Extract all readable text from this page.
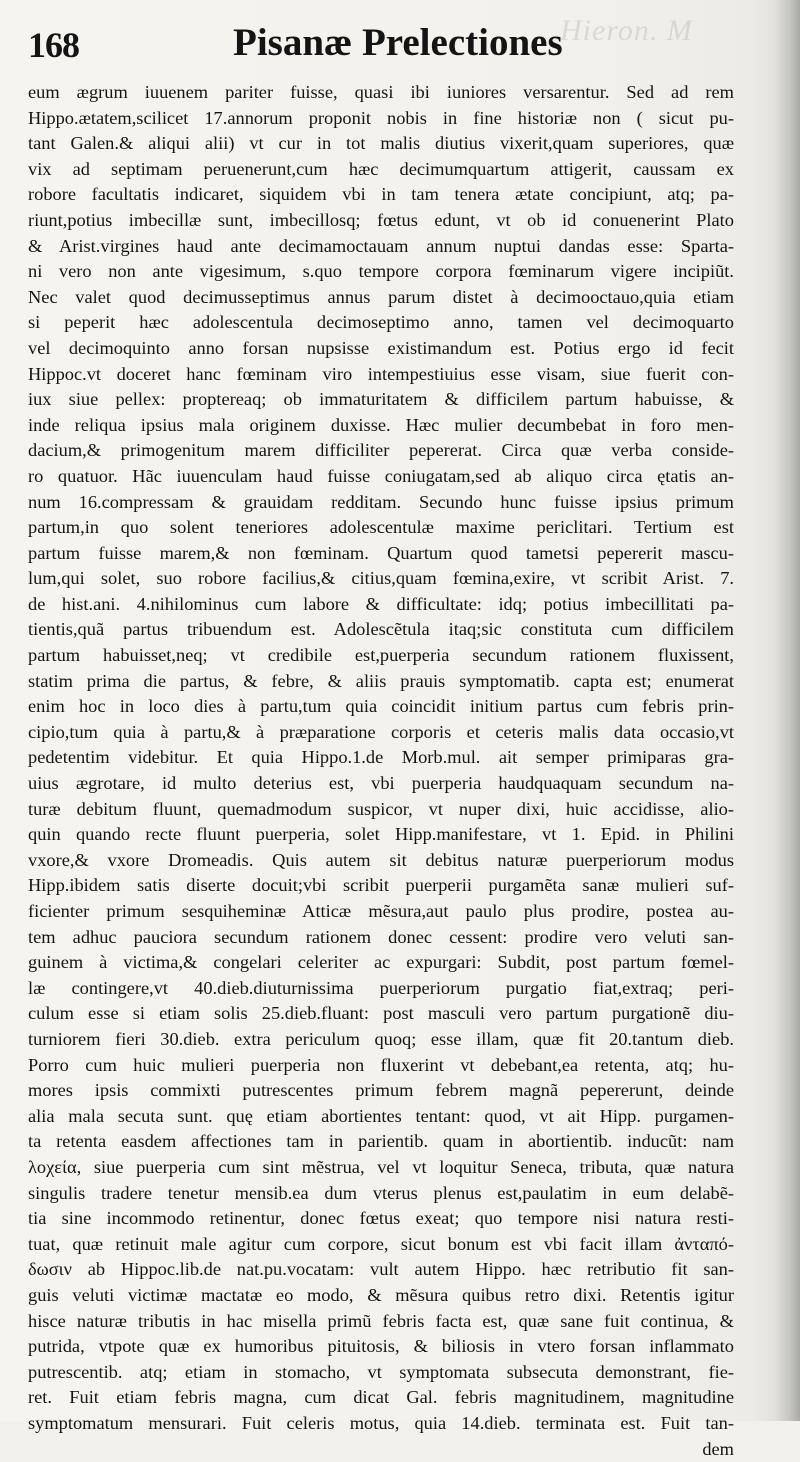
Hieron. M
168	Pisanæ Prelectiones
eum ægrum iuuenem pariter fuisse, quasi ibi iuniores versarentur. Sed ad rem
Hippo.ætatem,scilicet 17.annorum proponit nobis in fine historiæ non ( sicut pu-
tant Galen.& aliqui alii) vt cur in tot malis diutius vixerit,quam superiores, quæ
vix ad septimam peruenerunt,cum hæc decimumquartum attigerit, caussam ex
robore facultatis indicaret, siquidem vbi in tam tenera ætate concipiunt, atq; pa-
riunt,potius imbecillæ sunt, imbecillosq; fœtus edunt, vt ob id conuenerint Plato
& Arist.virgines haud ante decimamoctauam annum nuptui dandas esse: Sparta-
ni vero non ante vigesimum, s.quo tempore corpora fœminarum vigere incipiũt.
Nec valet quod decimusseptimus annus parum distet à decimooctauo,quia etiam
si peperit hæc adolescentula decimoseptimo anno, tamen vel decimoquarto
vel decimoquinto anno forsan nupsisse existimandum est. Potius ergo id fecit
Hippoc.vt doceret hanc fœminam viro intempestiuius esse visam, siue fuerit con-
iux siue pellex: proptereaq; ob immaturitatem & difficilem partum habuisse, &
inde reliqua ipsius mala originem duxisse. Hæc mulier decumbebat in foro men-
dacium,& primogenitum marem difficiliter pepererat. Circa quæ verba conside-
ro quatuor. Hãc iuuenculam haud fuisse coniugatam,sed ab aliquo circa ętatis an-
num 16.compressam & grauidam redditam. Secundo hunc fuisse ipsius primum
partum,in quo solent teneriores adolescentulæ maxime periclitari. Tertium est
partum fuisse marem,& non fœminam. Quartum quod tametsi pepererit mascu-
lum,qui solet, suo robore facilius,& citius,quam fœmina,exire, vt scribit Arist. 7.
de hist.ani. 4.nihilominus cum labore & difficultate: idq; potius imbecillitati pa-
tientis,quã partus tribuendum est. Adolescẽtula itaq;sic constituta cum difficilem
partum habuisset,neq; vt credibile est,puerperia secundum rationem fluxissent,
statim prima die partus, & febre, & aliis prauis symptomatib. capta est; enumerat
enim hoc in loco dies à partu,tum quia coincidit initium partus cum febris prin-
cipio,tum quia à partu,& à præparatione corporis et ceteris malis data occasio,vt
pedetentim videbitur. Et quia Hippo.1.de Morb.mul. ait semper primiparas gra-
uius ægrotare, id multo deterius est, vbi puerperia haudquaquam secundum na-
turæ debitum fluunt, quemadmodum suspicor, vt nuper dixi, huic accidisse, alio-
quin quando recte fluunt puerperia, solet Hipp.manifestare, vt 1. Epid. in Philini
vxore,& vxore Dromeadis. Quis autem sit debitus naturæ puerperiorum modus
Hipp.ibidem satis diserte docuit;vbi scribit puerperii purgamẽta sanæ mulieri suf-
ficienter primum sesquiheminæ Atticæ mẽsura,aut paulo plus prodire, postea au-
tem adhuc pauciora secundum rationem donec cessent: prodire vero veluti san-
guinem à victima,& congelari celeriter ac expurgari: Subdit, post partum fœmel-
læ contingere,vt 40.dieb.diuturnissima puerperiorum purgatio fiat,extraq; peri-
culum esse si etiam solis 25.dieb.fluant: post masculi vero partum purgationẽ diu-
turniorem fieri 30.dieb. extra periculum quoq; esse illam, quæ fit 20.tantum dieb.
Porro cum huic mulieri puerperia non fluxerint vt debebant,ea retenta, atq; hu-
mores ipsis commixti putrescentes primum febrem magnã pepererunt, deinde
alia mala secuta sunt. quę etiam abortientes tentant: quod, vt ait Hipp. purgamen-
ta retenta easdem affectiones tam in parientib. quam in abortientib. inducũt: nam
λοχεία, siue puerperia cum sint mẽstrua, vel vt loquitur Seneca, tributa, quæ natura
singulis tradere tenetur mensib.ea dum vterus plenus est,paulatim in eum delabẽ-
tia sine incommodo retinentur, donec fœtus exeat; quo tempore nisi natura resti-
tuat, quæ retinuit male agitur cum corpore, sicut bonum est vbi facit illam ἀνταπό-
δωσιν ab Hippoc.lib.de nat.pu.vocatam: vult autem Hippo. hæc retributio fit san-
guis veluti victimæ mactatæ eo modo, & mẽsura quibus retro dixi. Retentis igitur
hisce naturæ tributis in hac misella primũ febris facta est, quæ sane fuit continua, &
putrida, vtpote quæ ex humoribus pituitosis, & biliosis in vtero forsan inflammato
putrescentib. atq; etiam in stomacho, vt symptomata subsecuta demonstrant, fie-
ret. Fuit etiam febris magna, cum dicat Gal. febris magnitudinem, magnitudine
symptomatum mensurari. Fuit celeris motus, quia 14.dieb. terminata est. Fuit tan-
dem
